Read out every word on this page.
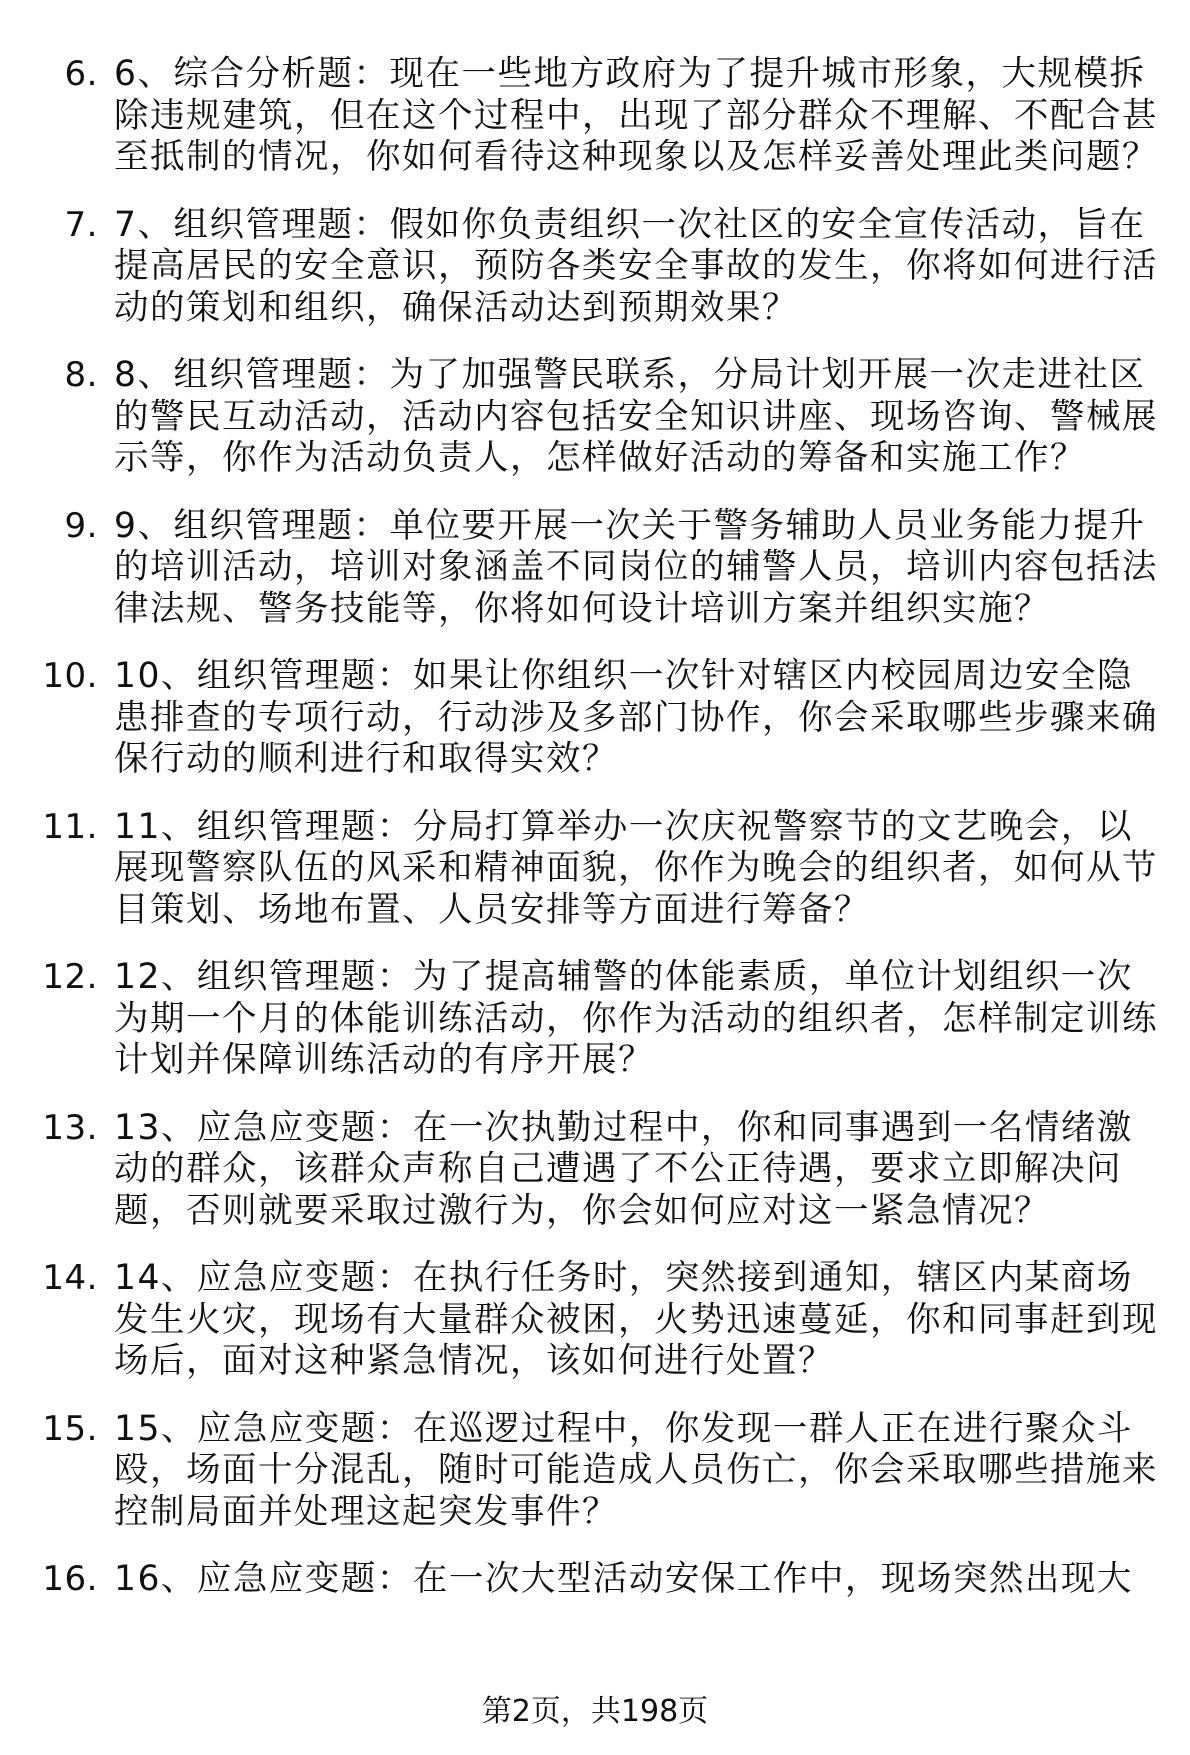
6. 6、综合分析题：现在一些地方政府为了提升城市形象，大规模拆除违规建筑，但在这个过程中，出现了部分群众不理解、不配合甚至抵制的情况，你如何看待这种现象以及怎样妥善处理此类问题？
7. 7、组织管理题：假如你负责组织一次社区的安全宣传活动，旨在提高居民的安全意识，预防各类安全事故的发生，你将如何进行活动的策划和组织，确保活动达到预期效果？
8. 8、组织管理题：为了加强警民联系，分局计划开展一次走进社区的警民互动活动，活动内容包括安全知识讲座、现场咨询、警械展示等，你作为活动负责人，怎样做好活动的筹备和实施工作？
9. 9、组织管理题：单位要开展一次关于警务辅助人员业务能力提升的培训活动，培训对象涵盖不同岗位的辅警人员，培训内容包括法律法规、警务技能等，你将如何设计培训方案并组织实施？
10. 10、组织管理题：如果让你组织一次针对辖区内校园周边安全隐患排查的专项行动，行动涉及多部门协作，你会采取哪些步骤来确保行动的顺利进行和取得实效？
11. 11、组织管理题：分局打算举办一次庆祝警察节的文艺晚会，以展现警察队伍的风采和精神面貌，你作为晚会的组织者，如何从节目策划、场地布置、人员安排等方面进行筹备？
12. 12、组织管理题：为了提高辅警的体能素质，单位计划组织一次为期一个月的体能训练活动，你作为活动的组织者，怎样制定训练计划并保障训练活动的有序开展？
13. 13、应急应变题：在一次执勤过程中，你和同事遇到一名情绪激动的群众，该群众声称自己遭遇了不公正待遇，要求立即解决问题，否则就要采取过激行为，你会如何应对这一紧急情况？
14. 14、应急应变题：在执行任务时，突然接到通知，辖区内某商场发生火灾，现场有大量群众被困，火势迅速蔓延，你和同事赶到现场后，面对这种紧急情况，该如何进行处置？
15. 15、应急应变题：在巡逻过程中，你发现一群人正在进行聚众斗殴，场面十分混乱，随时可能造成人员伤亡，你会采取哪些措施来控制局面并处理这起突发事件？
16. 16、应急应变题：在一次大型活动安保工作中，现场突然出现大
第2页，共198页
